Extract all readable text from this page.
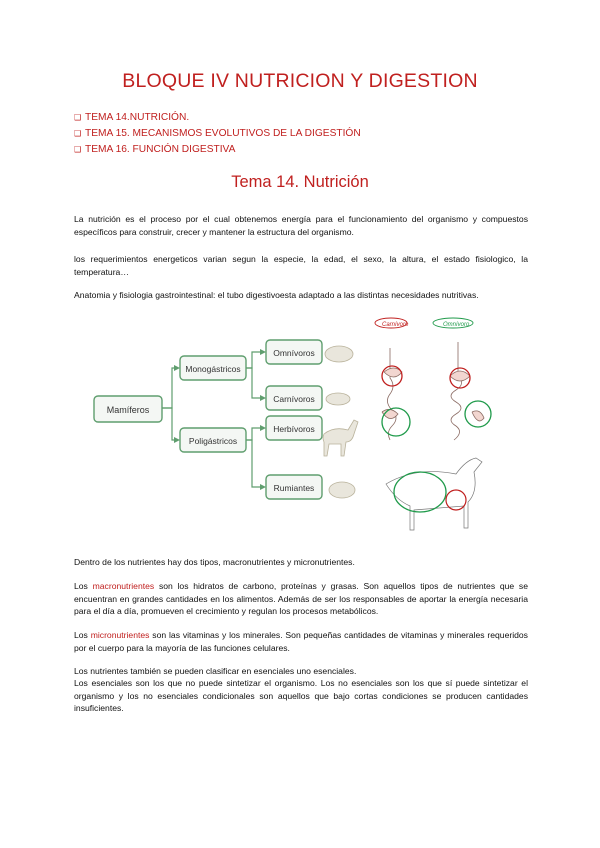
BLOQUE IV NUTRICION Y DIGESTION
❑ TEMA 14.NUTRICIÓN.
❑ TEMA 15. MECANISMOS EVOLUTIVOS DE LA DIGESTIÓN
❑ TEMA 16. FUNCIÓN DIGESTIVA
Tema 14. Nutrición
La nutrición es el proceso por el cual obtenemos energía para el funcionamiento del organismo y compuestos específicos para construir, crecer y mantener la estructura del organismo.
los requerimientos energeticos varian segun la especie, la edad, el sexo, la altura, el estado fisiologico, la temperatura…
Anatomia y fisiologia gastrointestinal: el tubo digestivoesta adaptado a las distintas necesidades nutritivas.
Mamíferos
Monogástricos
Poligástricos
Omnívoros
Carnívoros
Herbívoros
Rumiantes
Carnívoro	Omnívoro
Dentro de los nutrientes hay dos tipos, macronutrientes y micronutrientes.
Los macronutrientes son los hidratos de carbono, proteínas y grasas. Son aquellos tipos de nutrientes que se encuentran en grandes cantidades en los alimentos. Además de ser los responsables de aportar la energía necesaria para el día a día, promueven el crecimiento y regulan los procesos metabólicos.
Los micronutrientes son las vitaminas y los minerales. Son pequeñas cantidades de vitaminas y minerales requeridos por el cuerpo para la mayoría de las funciones celulares.
Los nutrientes también se pueden clasificar en esenciales uno esenciales.
Los esenciales son los que no puede sintetizar el organismo. Los no esenciales son los que sí puede sintetizar el organismo y los no esenciales condicionales son aquellos que bajo cortas condiciones se producen cantidades insuficientes.
